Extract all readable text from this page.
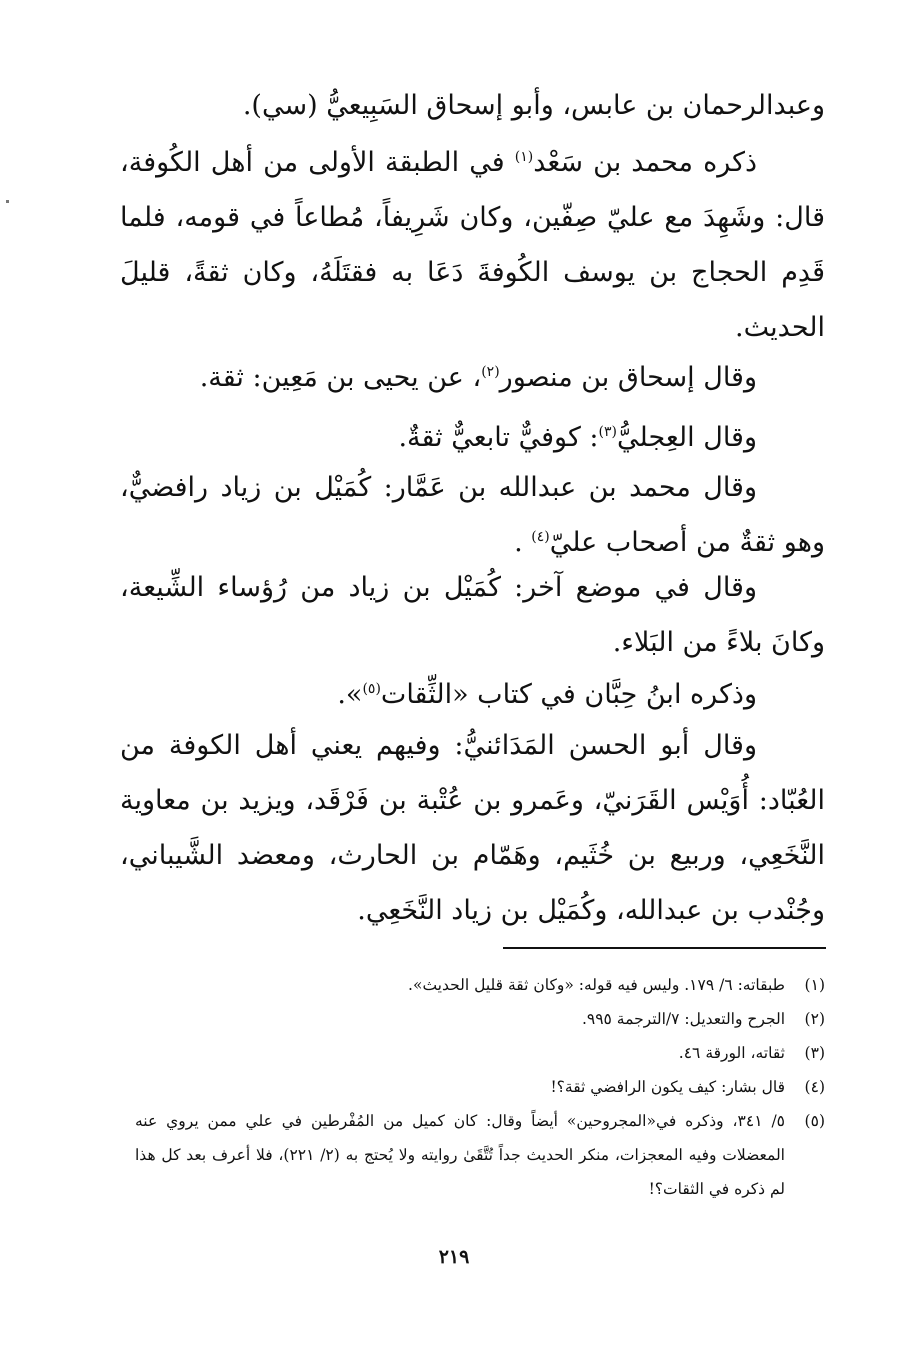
وعبدالرحمان بن عابس، وأبو إسحاق السَبِيعيُّ (سي).

ذكره محمد بن سَعْد$^{(١)}$ في الطبقة الأولى من أهل الكُوفة، قال: وشَهِدَ مع عليّ صِفّين، وكان شَرِيفاً، مُطاعاً في قومه، فلما قَدِم الحجاج بن يوسف الكُوفةَ دَعَا به فقتَلَهُ، وكان ثقةً، قليلَ الحديث.

وقال إسحاق بن منصور$^{(٢)}$، عن يحيى بن مَعِين: ثقة.

وقال العِجليُّ$^{(٣)}$: كوفيٌّ تابعيٌّ ثقةٌ.

وقال محمد بن عبدالله بن عَمَّار: كُمَيْل بن زياد رافضيٌّ، وهو ثقةٌ من أصحاب عليّ$^{(٤)}$ .

وقال في موضع آخر: كُمَيْل بن زياد من رُؤساء الشِّيعة، وكانَ بلاءً من البَلاء.

وذكره ابنُ حِبَّان في كتاب «الثِّقات$^{(٥)}$».

وقال أبو الحسن المَدَائنيُّ: وفيهم يعني أهل الكوفة من العُبّاد: أُوَيْس القَرَنيّ، وعَمرو بن عُتْبة بن فَرْقَد، ويزيد بن معاوية النَّخَعِي، وربيع بن خُثَيم، وهَمّام بن الحارث، ومعضد الشَّيباني، وجُنْدب بن عبدالله، وكُمَيْل بن زياد النَّخَعِي.

(١)
طبقاته: ٦/ ١٧٩. وليس فيه قوله: «وكان ثقة قليل الحديث».
(٢)
الجرح والتعديل: ٧/الترجمة ٩٩٥.
(٣)
ثقاته، الورقة ٤٦.
(٤)
قال بشار: كيف يكون الرافضي ثقة؟!
(٥)
٥/ ٣٤١، وذكره في«المجروحين» أيضاً وقال: كان كميل من المُفْرطين في علي ممن يروي عنه المعضلات وفيه المعجزات، منكر الحديث جداً تُتَّقَىٰ روايته ولا يُحتج به (٢/ ٢٢١)، فلا أعرف بعد كل هذا لم ذكره في الثقات؟!
٢١٩
